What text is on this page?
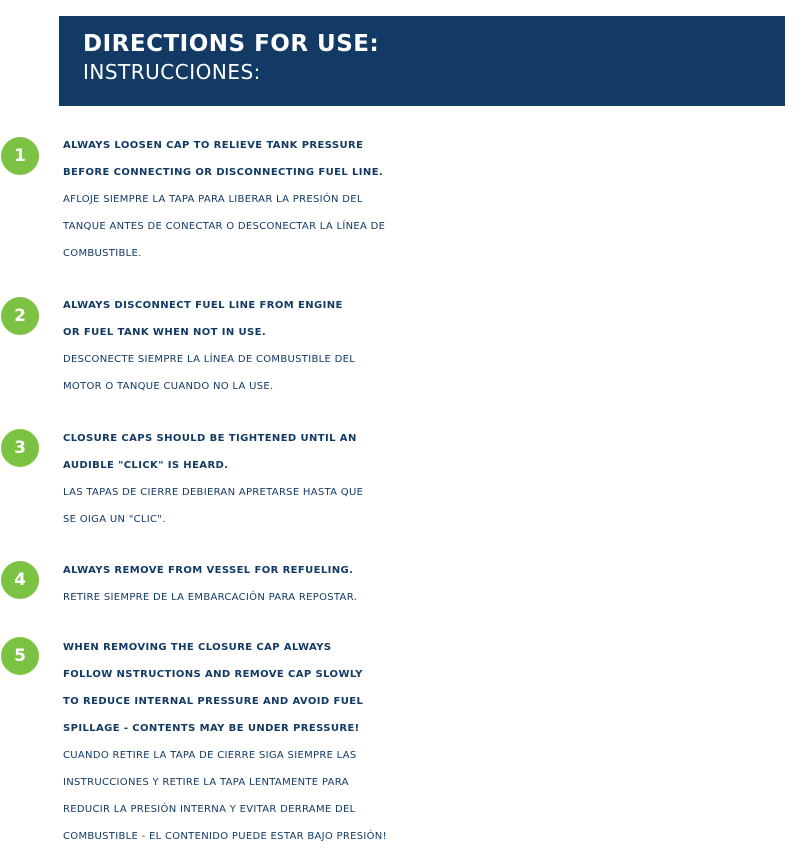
DIRECTIONS FOR USE:
INSTRUCCIONES:
1
ALWAYS LOOSEN CAP TO RELIEVE TANK PRESSURE
BEFORE CONNECTING OR DISCONNECTING FUEL LINE.
AFLOJE SIEMPRE LA TAPA PARA LIBERAR LA PRESIÓN DEL
TANQUE ANTES DE CONECTAR O DESCONECTAR LA LÍNEA DE
COMBUSTIBLE.
2
ALWAYS DISCONNECT FUEL LINE FROM ENGINE
OR FUEL TANK WHEN NOT IN USE.
DESCONECTE SIEMPRE LA LÍNEA DE COMBUSTIBLE DEL
MOTOR O TANQUE CUANDO NO LA USE.
3	CLOSURE CAPS SHOULD BE TIGHTENED UNTIL AN
AUDIBLE "CLICK" IS HEARD.
LAS TAPAS DE CIERRE DEBIERAN APRETARSE HASTA QUE
SE OIGA UN "CLIC".
4	ALWAYS REMOVE FROM VESSEL FOR REFUELING.
RETIRE SIEMPRE DE LA EMBARCACIÓN PARA REPOSTAR.
5	WHEN REMOVING THE CLOSURE CAP ALWAYS
FOLLOW NSTRUCTIONS AND REMOVE CAP SLOWLY
TO REDUCE INTERNAL PRESSURE AND AVOID FUEL
SPILLAGE - CONTENTS MAY BE UNDER PRESSURE!
CUANDO RETIRE LA TAPA DE CIERRE SIGA SIEMPRE LAS
INSTRUCCIONES Y RETIRE LA TAPA LENTAMENTE PARA
REDUCIR LA PRESIÓN INTERNA Y EVITAR DERRAME DEL
COMBUSTIBLE - EL CONTENIDO PUEDE ESTAR BAJO PRESIÓN!
